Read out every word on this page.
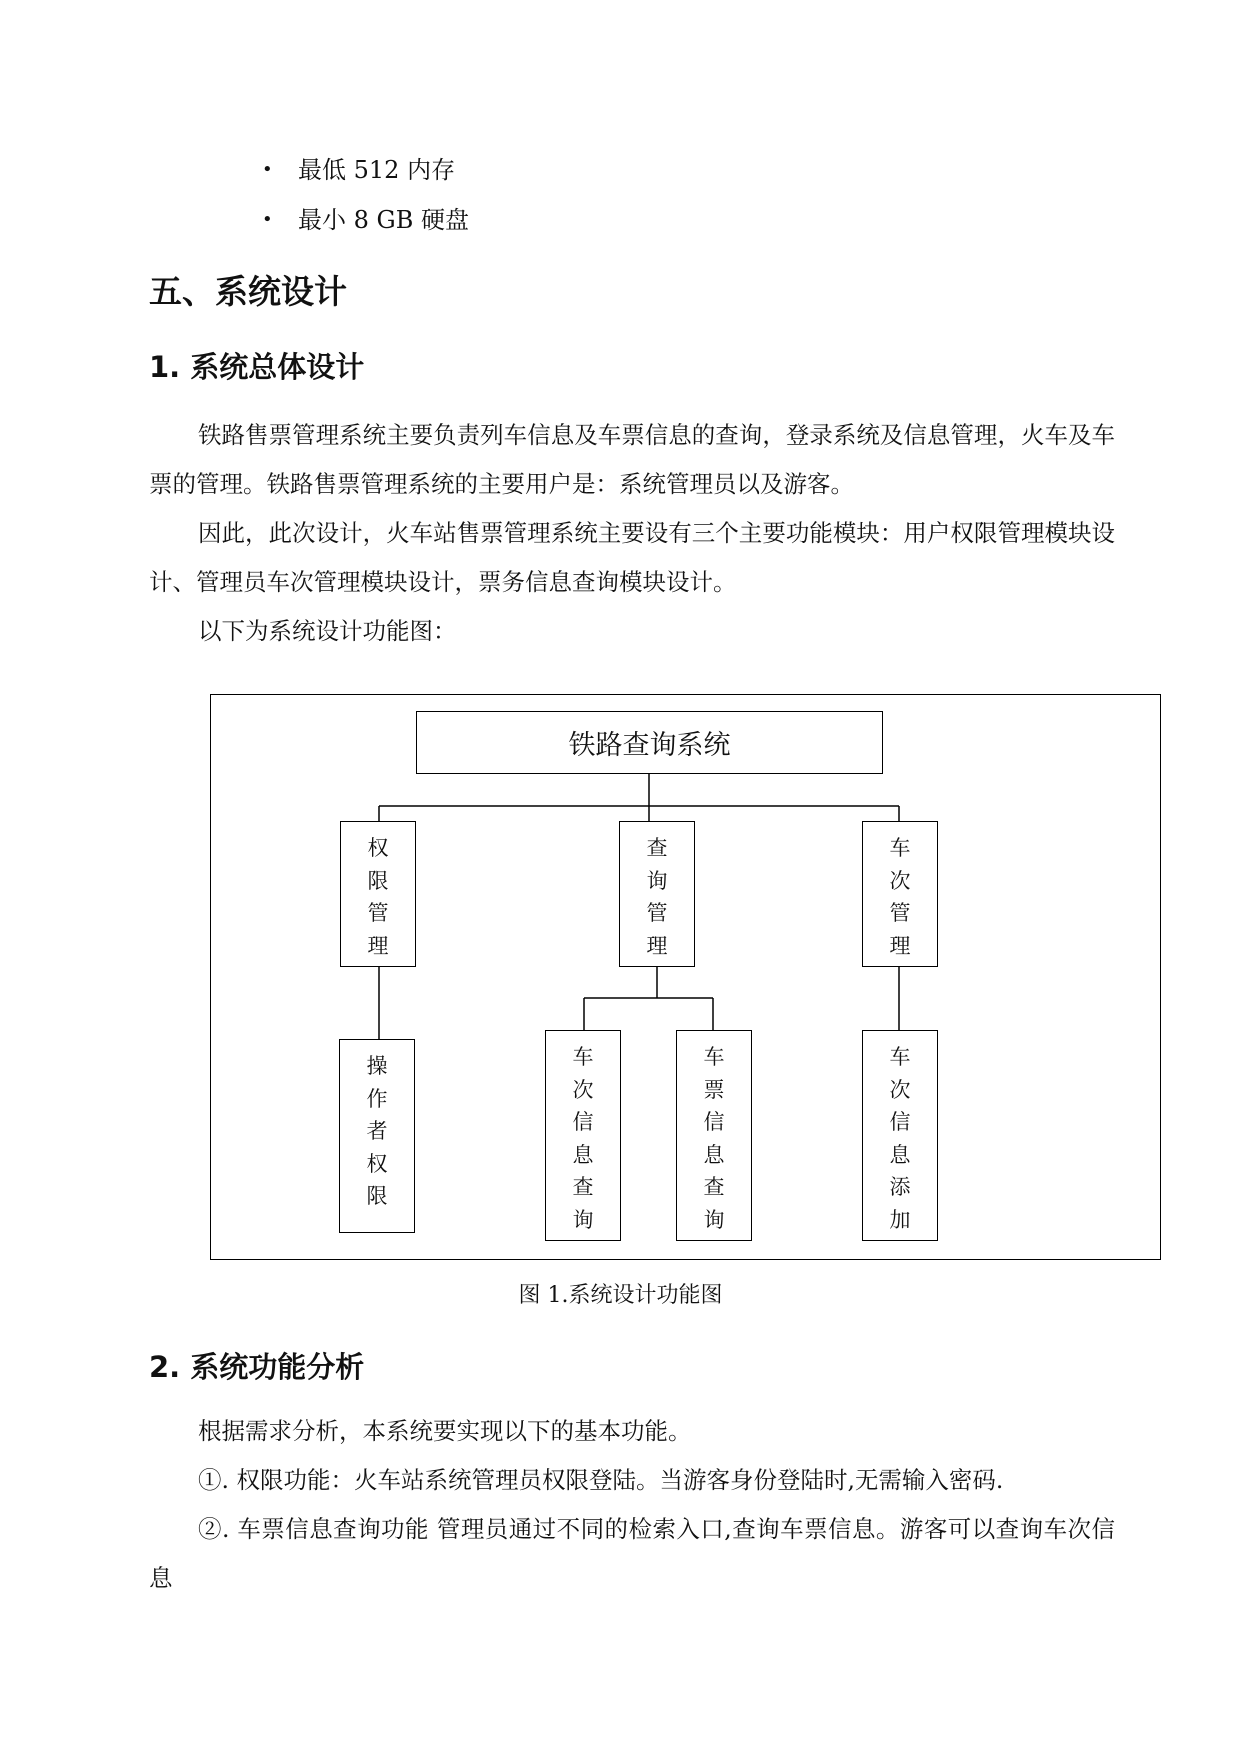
• 最低 512 内存
• 最小 8 GB 硬盘
五、系统设计
1. 系统总体设计
铁路售票管理系统主要负责列车信息及车票信息的查询，登录系统及信息管理，火车及车票的管理。铁路售票管理系统的主要用户是：系统管理员以及游客。
因此，此次设计，火车站售票管理系统主要设有三个主要功能模块：用户权限管理模块设计、管理员车次管理模块设计，票务信息查询模块设计。
以下为系统设计功能图：
铁路查询系统
权
限
管
理
查
询
管
理
车
次
管
理
操
作
者
权
限
车
次
信
息
查
询
车
票
信
息
查
询
车
次
信
息
添
加
图 1.系统设计功能图
2. 系统功能分析
根据需求分析，本系统要实现以下的基本功能。
①. 权限功能：火车站系统管理员权限登陆。当游客身份登陆时,无需输入密码.
②. 车票信息查询功能 管理员通过不同的检索入口,查询车票信息。游客可以查询车次信息
